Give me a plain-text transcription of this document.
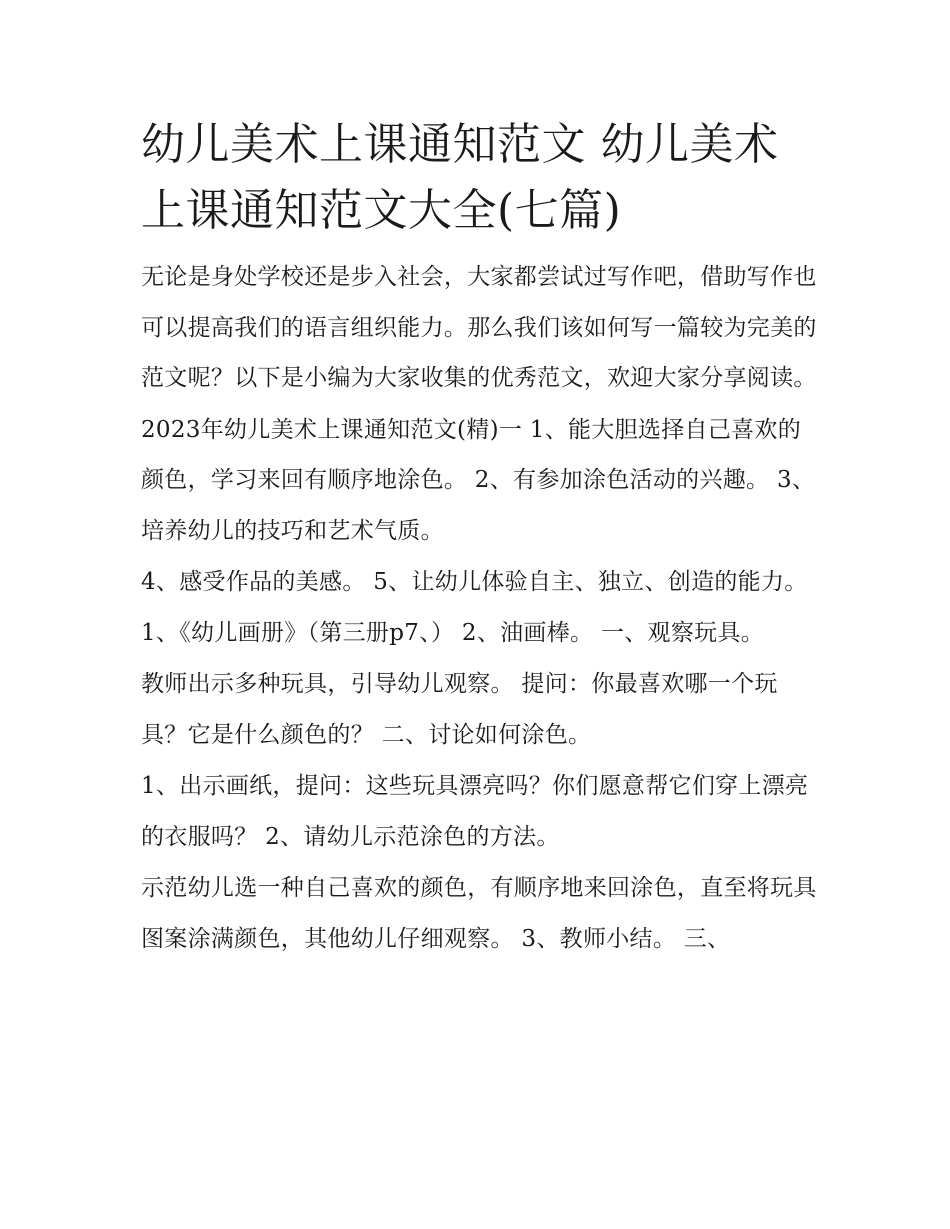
幼儿美术上课通知范文 幼儿美术上课通知范文大全(七篇)

无论是身处学校还是步入社会，大家都尝试过写作吧，借助写作也可以提高我们的语言组织能力。那么我们该如何写一篇较为完美的范文呢？以下是小编为大家收集的优秀范文，欢迎大家分享阅读。

2023年幼儿美术上课通知范文(精)一 1、能大胆选择自己喜欢的颜色，学习来回有顺序地涂色。 2、有参加涂色活动的兴趣。 3、培养幼儿的技巧和艺术气质。

4、感受作品的美感。 5、让幼儿体验自主、独立、创造的能力。 1、《幼儿画册》（第三册p7、） 2、油画棒。 一、观察玩具。

教师出示多种玩具，引导幼儿观察。 提问：你最喜欢哪一个玩具？它是什么颜色的？ 二、讨论如何涂色。

1、出示画纸，提问：这些玩具漂亮吗？你们愿意帮它们穿上漂亮的衣服吗？ 2、请幼儿示范涂色的方法。

示范幼儿选一种自己喜欢的颜色，有顺序地来回涂色，直至将玩具图案涂满颜色，其他幼儿仔细观察。 3、教师小结。 三、
